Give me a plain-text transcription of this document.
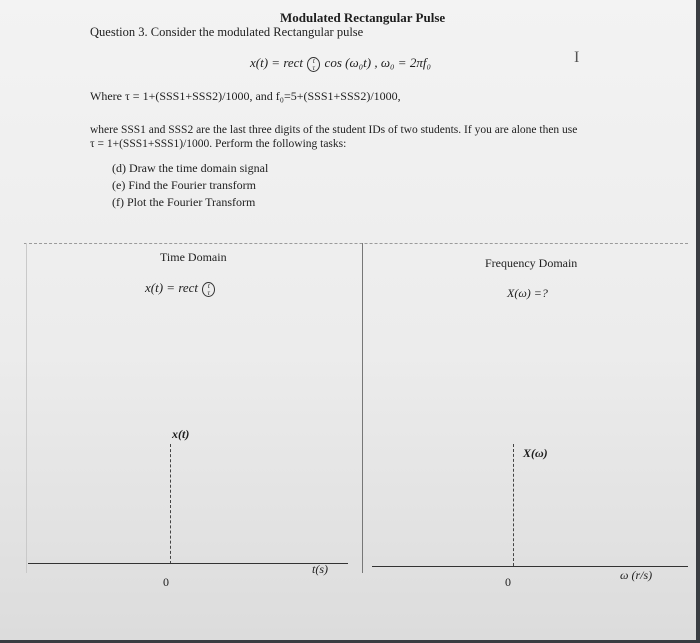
Modulated Rectangular Pulse
Question 3. Consider the modulated Rectangular pulse
x(t) = rect	t
τ cos (ω₀t) , ω₀ = 2πf₀	I
Where τ = 1+(SSS1+SSS2)/1000, and f₀=5+(SSS1+SSS2)/1000,
where SSS1 and SSS2 are the last three digits of the student IDs of two students. If you are alone then use
τ = 1+(SSS1+SSS1)/1000. Perform the following tasks:
(d) Draw the time domain signal
(e) Find the Fourier transform
(f) Plot the Fourier Transform
Time Domain
x(t) = rect	t
τ
x(t)
0
t(s)
Frequency Domain
X(ω) =?
X(ω)
0	ω (r/s)
